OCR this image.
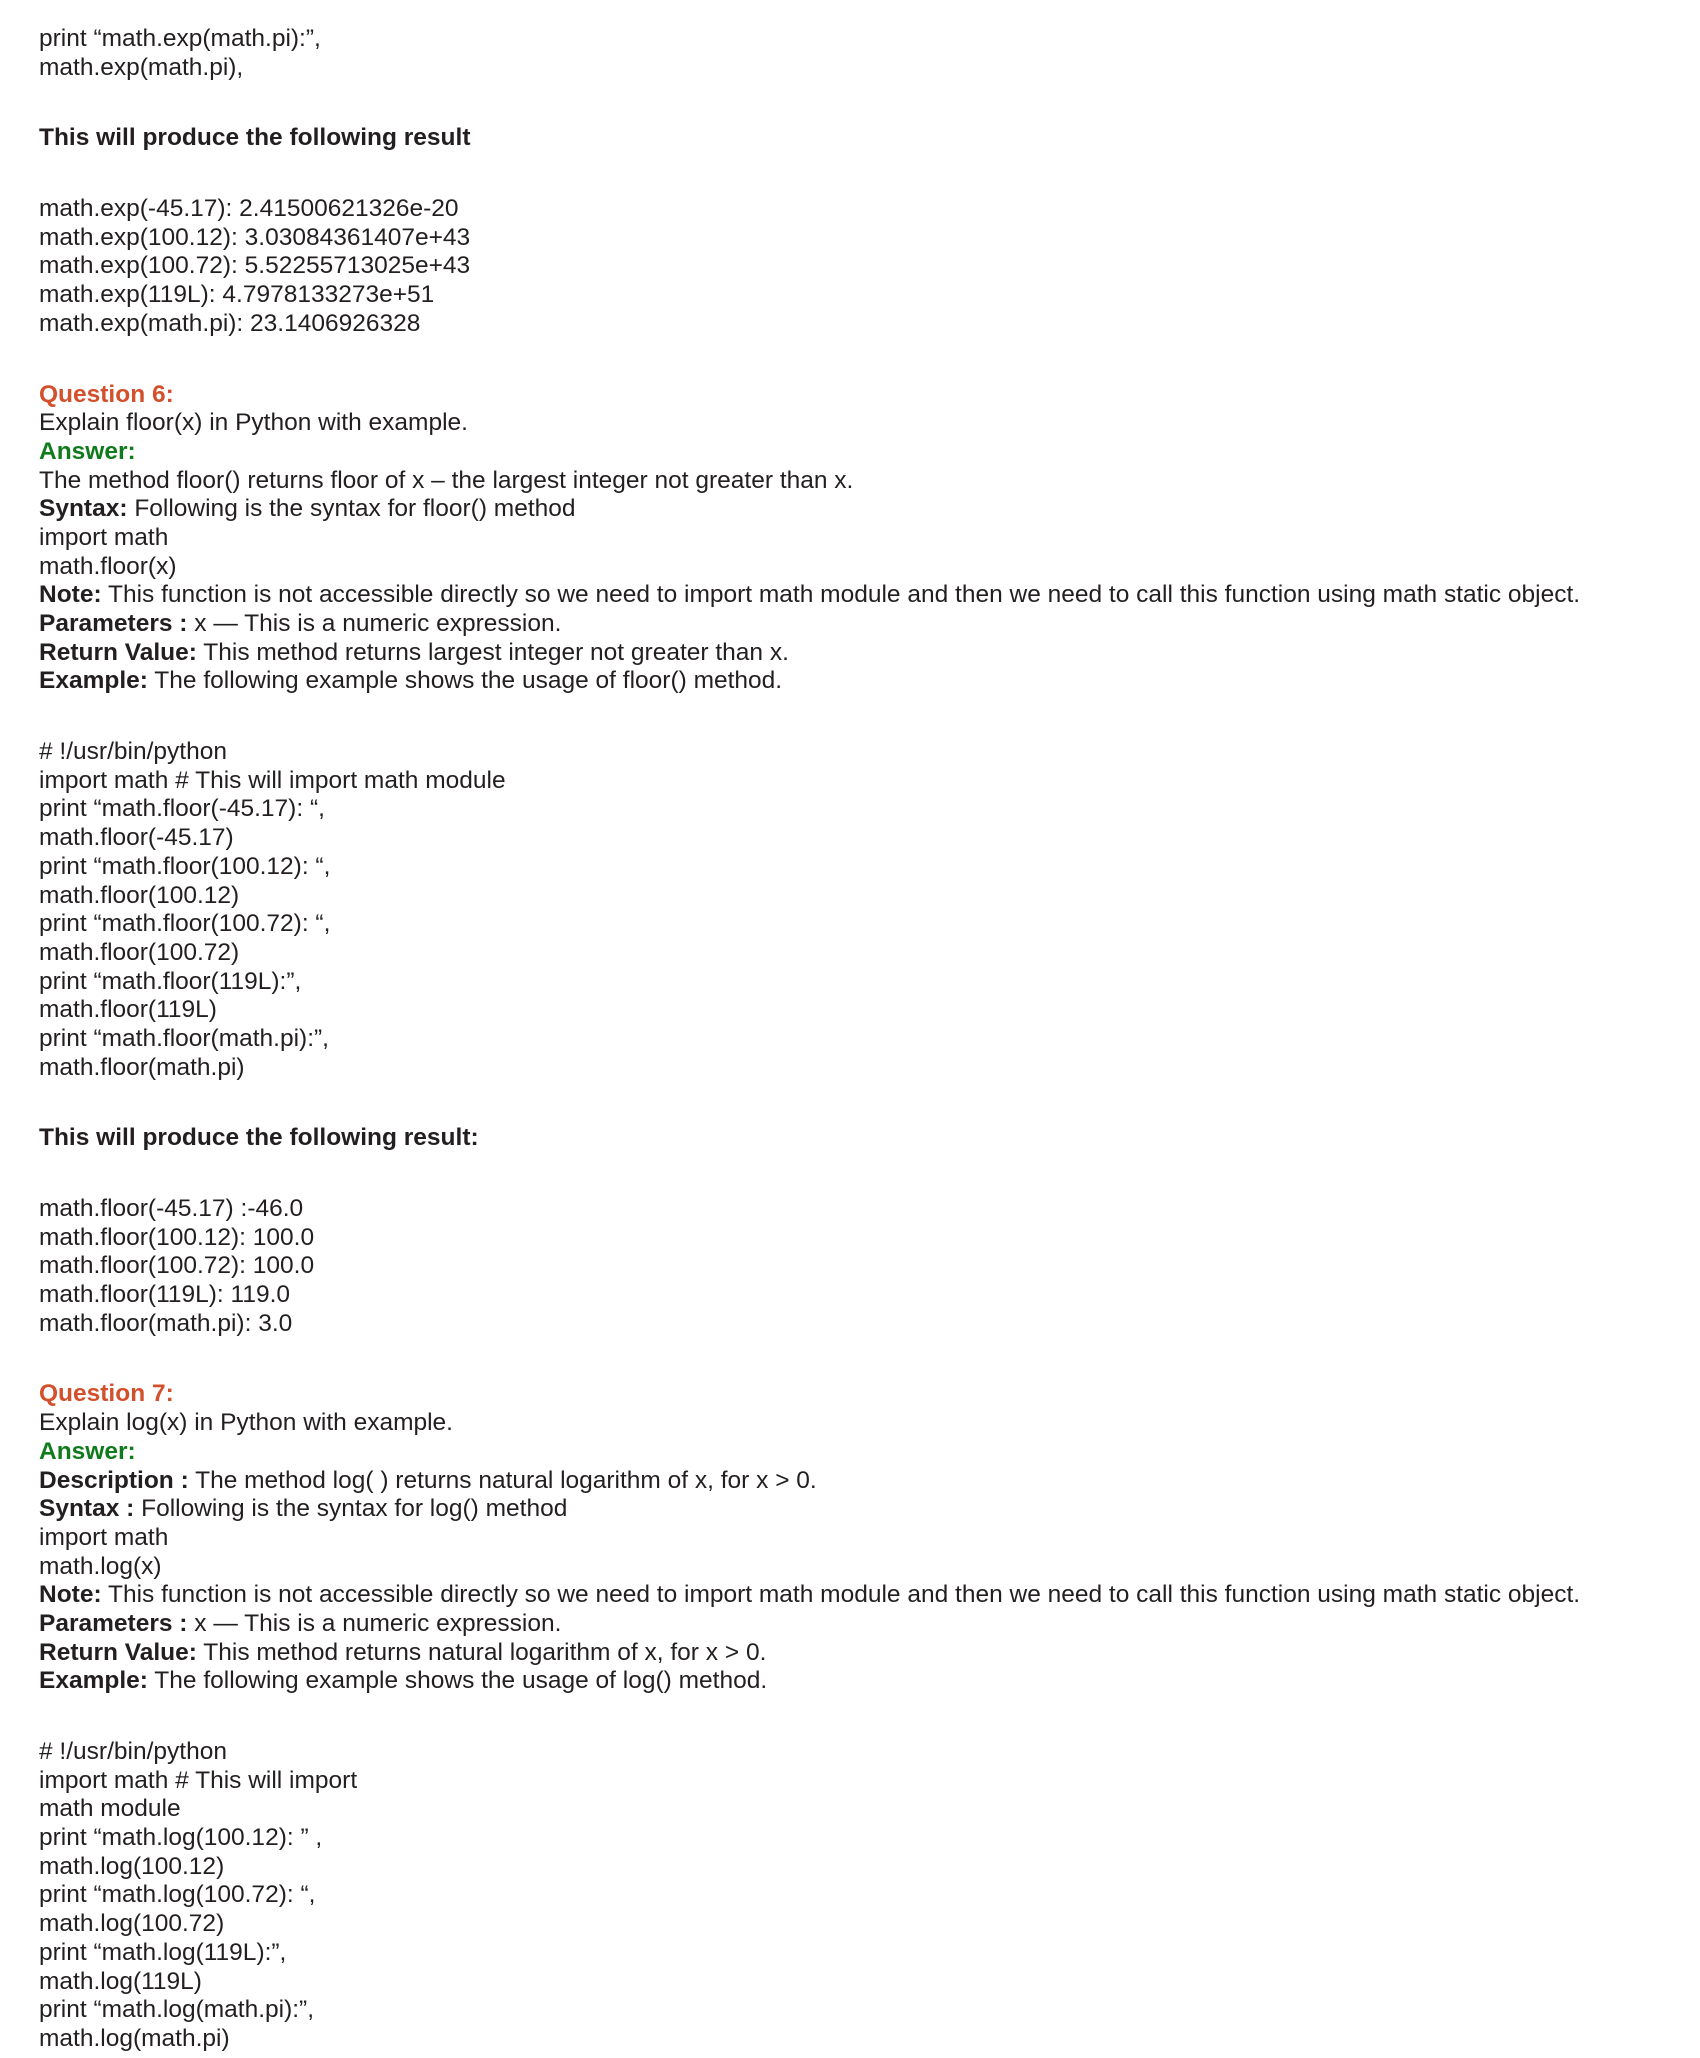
print “math.exp(math.pi):”,

math.exp(math.pi),

This will produce the following result

math.exp(-45.17): 2.41500621326e-20

math.exp(100.12): 3.03084361407e+43

math.exp(100.72): 5.52255713025e+43

math.exp(119L): 4.7978133273e+51

math.exp(math.pi): 23.1406926328

Question 6:

Explain floor(x) in Python with example.

Answer:

The method floor() returns floor of x – the largest integer not greater than x.

Syntax: Following is the syntax for floor() method

import math

math.floor(x)

Note: This function is not accessible directly so we need to import math module and then we need to call this function using math static object.

Parameters : x — This is a numeric expression.

Return Value: This method returns largest integer not greater than x.

Example: The following example shows the usage of floor() method.

# !/usr/bin/python

import math # This will import math module

print “math.floor(-45.17): “,

math.floor(-45.17)

print “math.floor(100.12): “,

math.floor(100.12)

print “math.floor(100.72): “,

math.floor(100.72)

print “math.floor(119L):”,

math.floor(119L)

print “math.floor(math.pi):”,

math.floor(math.pi)

This will produce the following result:

math.floor(-45.17) :-46.0

math.floor(100.12): 100.0

math.floor(100.72): 100.0

math.floor(119L): 119.0

math.floor(math.pi): 3.0

Question 7:

Explain log(x) in Python with example.

Answer:

Description : The method log( ) returns natural logarithm of x, for x > 0.

Syntax : Following is the syntax for log() method

import math

math.log(x)

Note: This function is not accessible directly so we need to import math module and then we need to call this function using math static object.

Parameters : x — This is a numeric expression.

Return Value: This method returns natural logarithm of x, for x > 0.

Example: The following example shows the usage of log() method.

# !/usr/bin/python

import math # This will import

math module

print “math.log(100.12): ” ,

math.log(100.12)

print “math.log(100.72): “,

math.log(100.72)

print “math.log(119L):”,

math.log(119L)

print “math.log(math.pi):”,

math.log(math.pi)
